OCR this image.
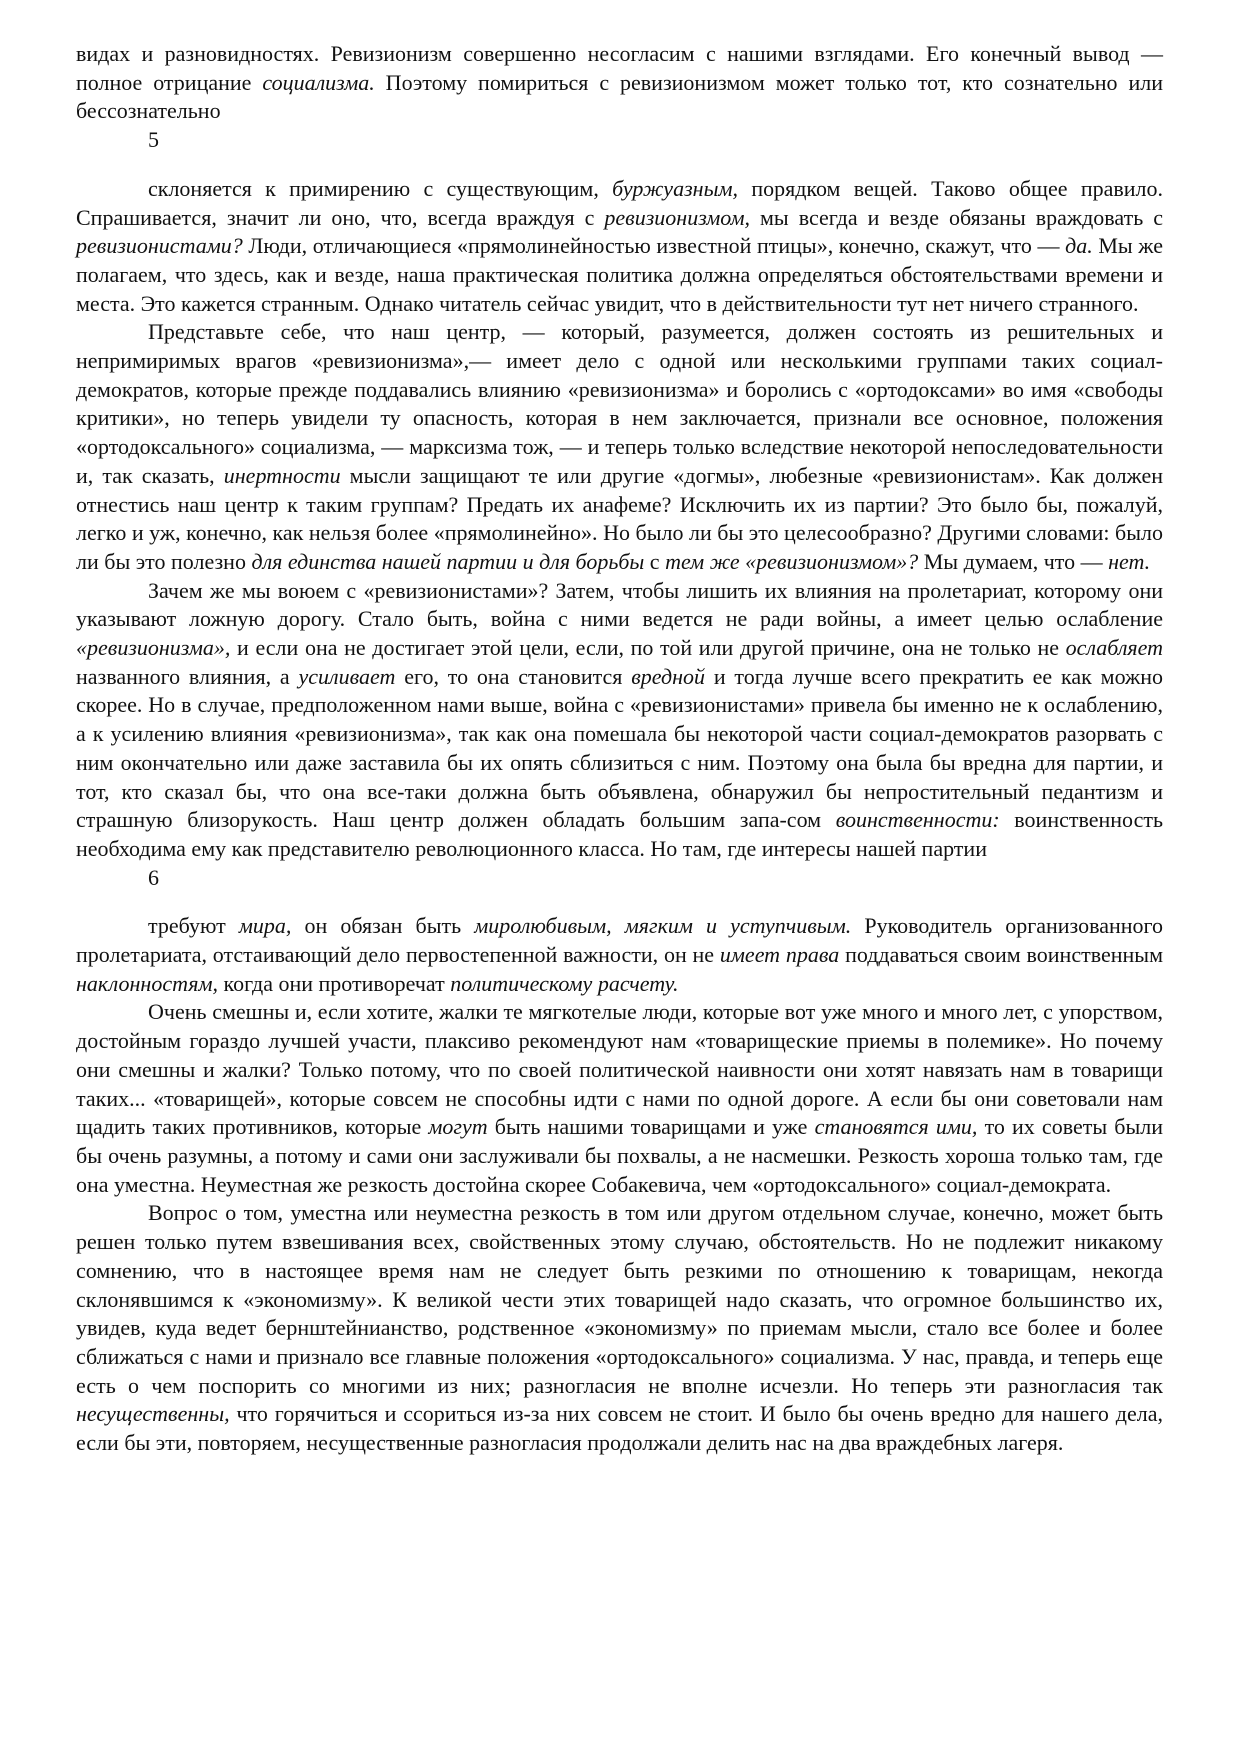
видах и разновидностях. Ревизионизм совершенно несогласим с нашими взглядами. Его конечный вывод — полное отрицание социализма. Поэтому помириться с ревизионизмом может только тот, кто сознательно или бессознательно

5

склоняется к примирению с существующим, буржуазным, порядком вещей. Таково общее правило. Спрашивается, значит ли оно, что, всегда враждуя с ревизионизмом, мы всегда и везде обязаны враждовать с ревизионистами? Люди, отличающиеся «прямолинейностью известной птицы», конечно, скажут, что — да. Мы же полагаем, что здесь, как и везде, наша практическая политика должна определяться обстоятельствами времени и места. Это кажется странным. Однако читатель сейчас увидит, что в действительности тут нет ничего странного.

Представьте себе, что наш центр, — который, разумеется, должен состоять из решительных и непримиримых врагов «ревизионизма»,— имеет дело с одной или несколькими группами таких социал-демократов, которые прежде поддавались влиянию «ревизионизма» и боролись с «ортодоксами» во имя «свободы критики», но теперь увидели ту опасность, которая в нем заключается, признали все основное, положения «ортодоксального» социализма, — марксизма тож, — и теперь только вследствие некоторой непоследовательности и, так сказать, инертности мысли защищают те или другие «догмы», любезные «ревизионистам». Как должен отнестись наш центр к таким группам? Предать их анафеме? Исключить их из партии? Это было бы, пожалуй, легко и уж, конечно, как нельзя более «прямолинейно». Но было ли бы это целесообразно? Другими словами: было ли бы это полезно для единства нашей партии и для борьбы с тем же «ревизионизмом»? Мы думаем, что — нет.

Зачем же мы воюем с «ревизионистами»? Затем, чтобы лишить их влияния на пролетариат, которому они указывают ложную дорогу. Стало быть, война с ними ведется не ради войны, а имеет целью ослабление «ревизионизма», и если она не достигает этой цели, если, по той или другой причине, она не только не ослабляет названного влияния, а усиливает его, то она становится вредной и тогда лучше всего прекратить ее как можно скорее. Но в случае, предположенном нами выше, война с «ревизионистами» привела бы именно не к ослаблению, а к усилению влияния «ревизионизма», так как она помешала бы некоторой части социал-демократов разорвать с ним окончательно или даже заставила бы их опять сблизиться с ним. Поэтому она была бы вредна для партии, и тот, кто сказал бы, что она все-таки должна быть объявлена, обнаружил бы непростительный педантизм и страшную близорукость. Наш центр должен обладать большим запа-сом воинственности: воинственность необходима ему как представителю революционного класса. Но там, где интересы нашей партии

6

требуют мира, он обязан быть миролюбивым, мягким и уступчивым. Руководитель организованного пролетариата, отстаивающий дело первостепенной важности, он не имеет права поддаваться своим воинственным наклонностям, когда они противоречат политическому расчету.

Очень смешны и, если хотите, жалки те мягкотелые люди, которые вот уже много и много лет, с упорством, достойным гораздо лучшей участи, плаксиво рекомендуют нам «товарищеские приемы в полемике». Но почему они смешны и жалки? Только потому, что по своей политической наивности они хотят навязать нам в товарищи таких... «товарищей», которые совсем не способны идти с нами по одной дороге. А если бы они советовали нам щадить таких противников, которые могут быть нашими товарищами и уже становятся ими, то их советы были бы очень разумны, а потому и сами они заслуживали бы похвалы, а не насмешки. Резкость хороша только там, где она уместна. Неуместная же резкость достойна скорее Собакевича, чем «ортодоксального» социал-демократа.

Вопрос о том, уместна или неуместна резкость в том или другом отдельном случае, конечно, может быть решен только путем взвешивания всех, свойственных этому случаю, обстоятельств. Но не подлежит никакому сомнению, что в настоящее время нам не следует быть резкими по отношению к товарищам, некогда склонявшимся к «экономизму». К великой чести этих товарищей надо сказать, что огромное большинство их, увидев, куда ведет бернштейнианство, родственное «экономизму» по приемам мысли, стало все более и более сближаться с нами и признало все главные положения «ортодоксального» социализма. У нас, правда, и теперь еще есть о чем поспорить со многими из них; разногласия не вполне исчезли. Но теперь эти разногласия так несущественны, что горячиться и ссориться из-за них совсем не стоит. И было бы очень вредно для нашего дела, если бы эти, повторяем, несущественные разногласия продолжали делить нас на два враждебных лагеря.
